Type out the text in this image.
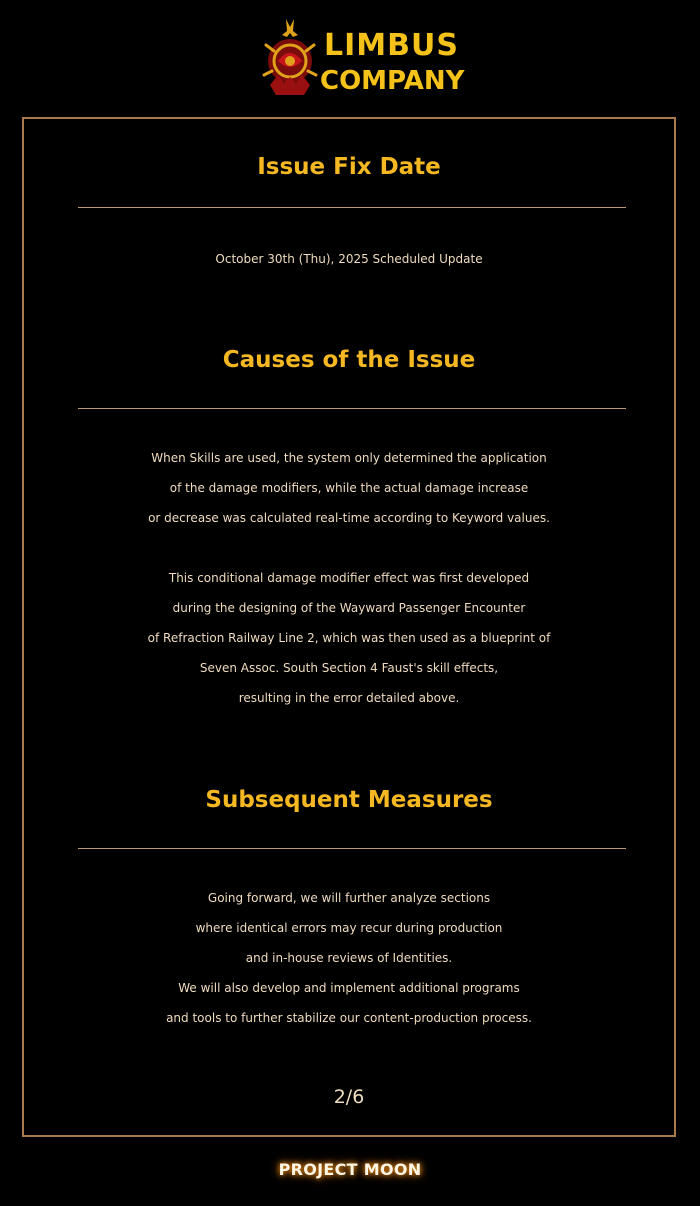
LIMBUS
COMPANY
Issue Fix Date

October 30th (Thu), 2025 Scheduled Update

Causes of the Issue

When Skills are used, the system only determined the application
of the damage modifiers, while the actual damage increase
or decrease was calculated real-time according to Keyword values.

This conditional damage modifier effect was first developed
during the designing of the Wayward Passenger Encounter
of Refraction Railway Line 2, which was then used as a blueprint of
Seven Assoc. South Section 4 Faust's skill effects,
resulting in the error detailed above.

Subsequent Measures

Going forward, we will further analyze sections
where identical errors may recur during production
and in-house reviews of Identities.
We will also develop and implement additional programs
and tools to further stabilize our content-production process.

2/6
PROJECT MOON
